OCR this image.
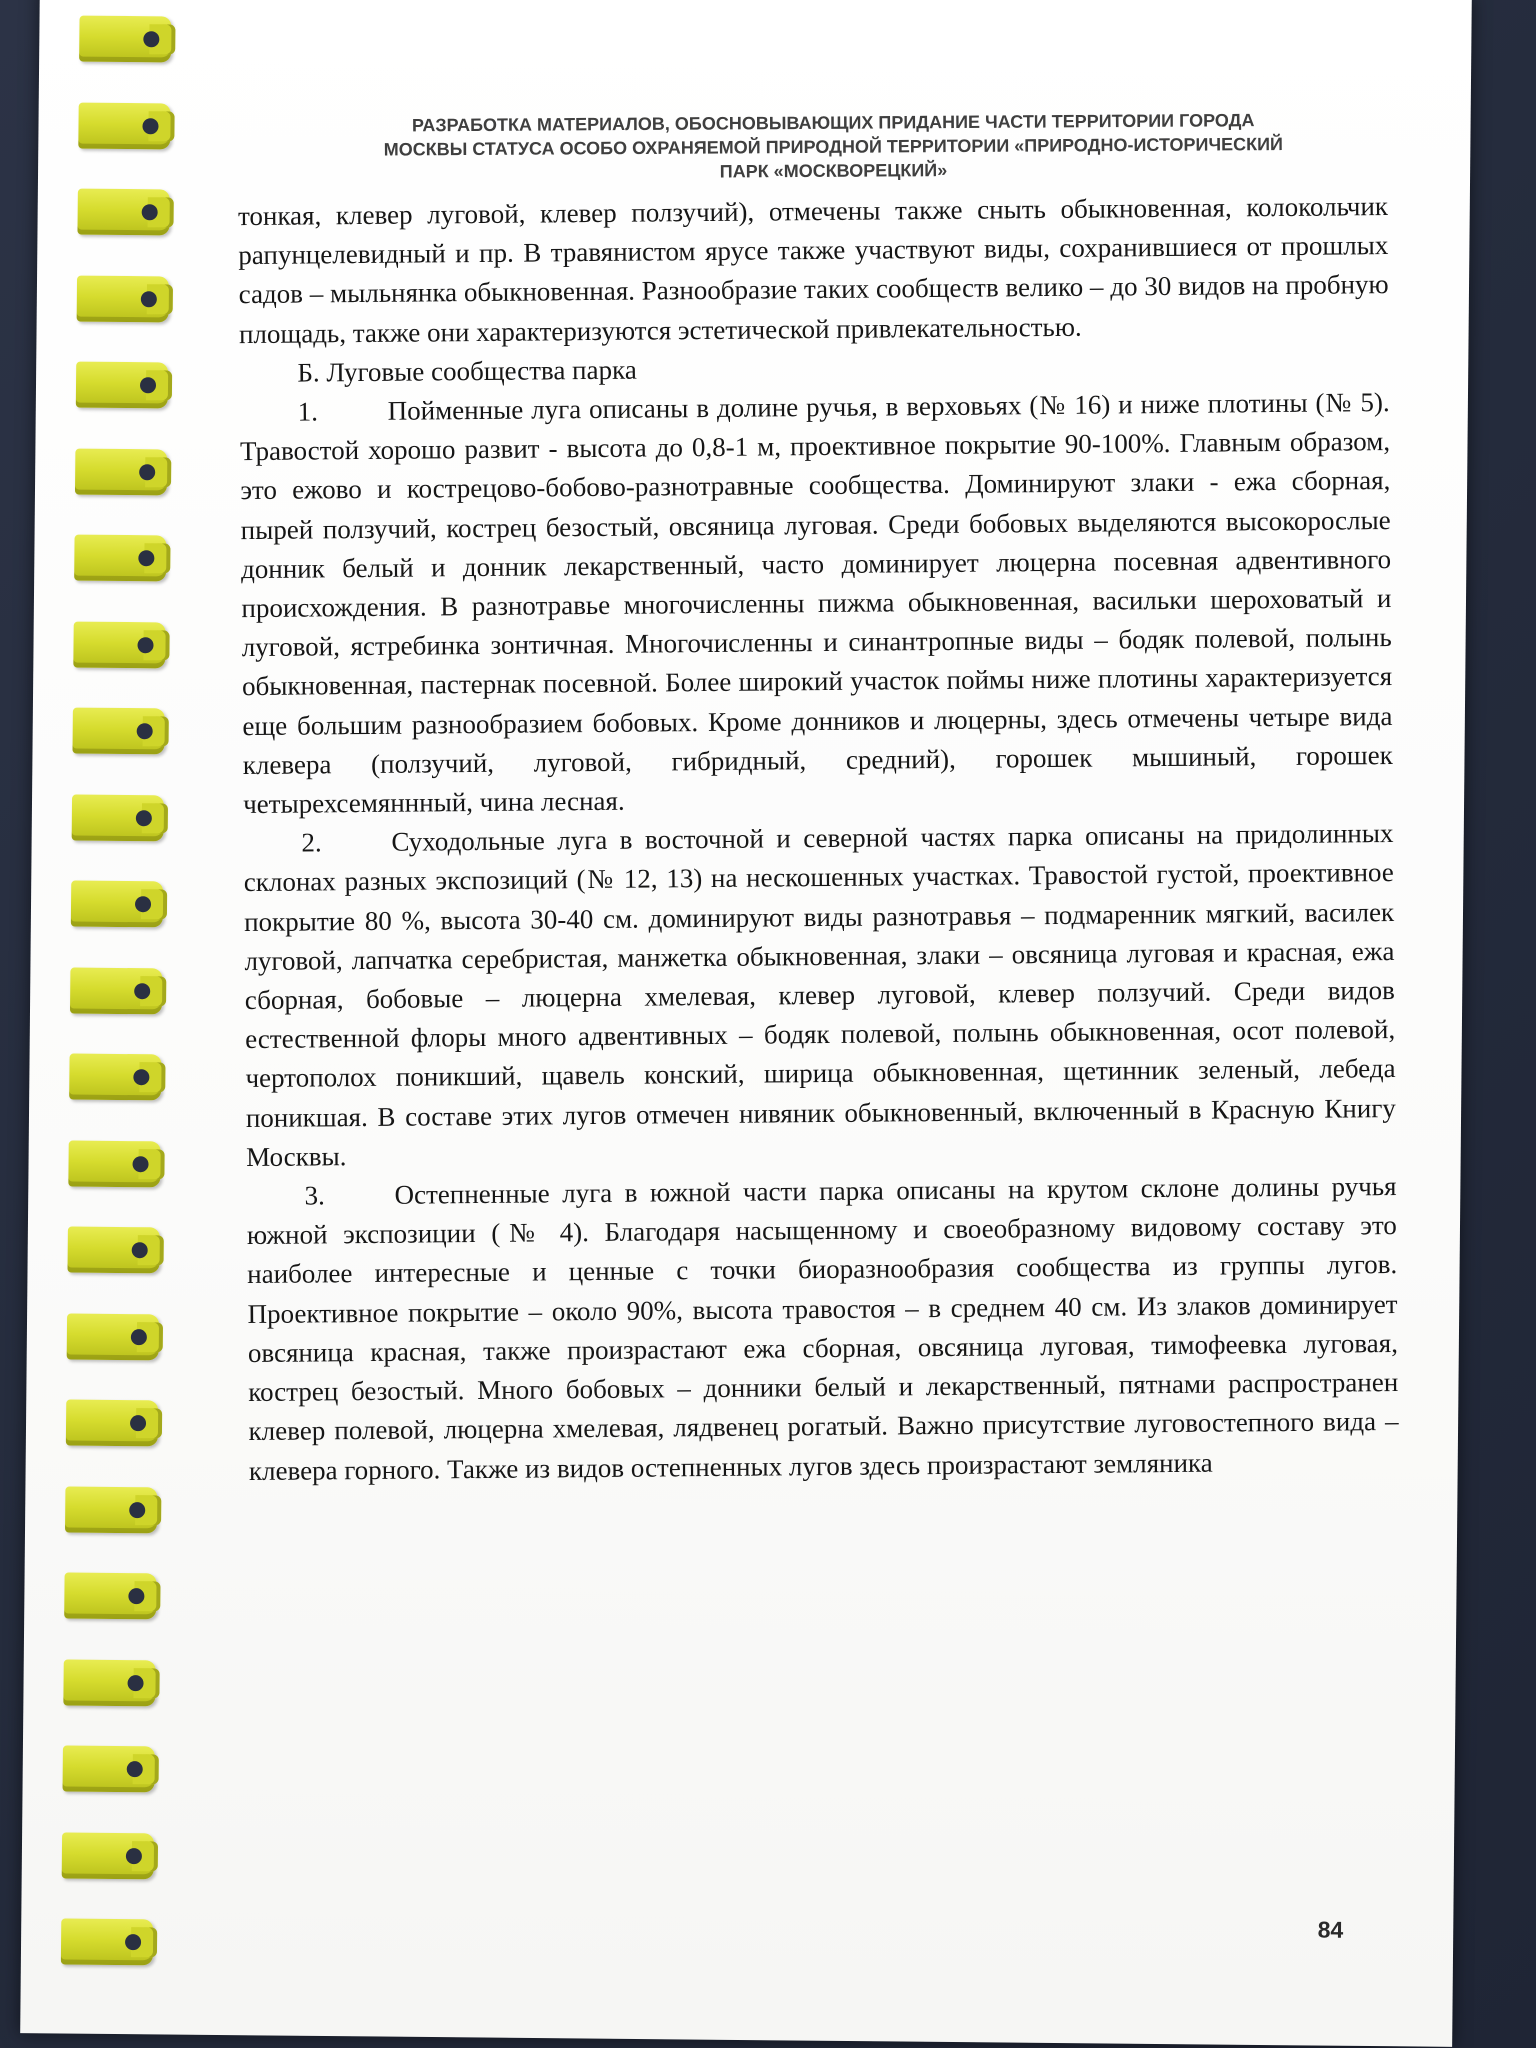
РАЗРАБОТКА МАТЕРИАЛОВ, ОБОСНОВЫВАЮЩИХ ПРИДАНИЕ ЧАСТИ ТЕРРИТОРИИ ГОРОДА
МОСКВЫ СТАТУСА ОСОБО ОХРАНЯЕМОЙ ПРИРОДНОЙ ТЕРРИТОРИИ «ПРИРОДНО-ИСТОРИЧЕСКИЙ
ПАРК «МОСКВОРЕЦКИЙ»

тонкая, клевер луговой, клевер ползучий), отмечены также сныть обыкновенная, колокольчик рапунцелевидный и пр. В травянистом ярусе также участвуют виды, сохранившиеся от прошлых садов – мыльнянка обыкновенная. Разнообразие таких сообществ велико – до 30 видов на пробную площадь, также они характеризуются эстетической привлекательностью.

Б. Луговые сообщества парка

1.	Пойменные луга описаны в долине ручья, в верховьях (№ 16) и ниже плотины (№ 5). Травостой хорошо развит - высота до 0,8-1 м, проективное покрытие 90-100%. Главным образом, это ежово и кострецово-бобово-разнотравные сообщества. Доминируют злаки - ежа сборная, пырей ползучий, кострец безостый, овсяница луговая. Среди бобовых выделяются высокорослые донник белый и донник лекарственный, часто доминирует люцерна посевная адвентивного происхождения. В разнотравье многочисленны пижма обыкновенная, васильки шероховатый и луговой, ястребинка зонтичная. Многочисленны и синантропные виды – бодяк полевой, полынь обыкновенная, пастернак посевной. Более широкий участок поймы ниже плотины характеризуется еще большим разнообразием бобовых. Кроме донников и люцерны, здесь отмечены четыре вида клевера (ползучий, луговой, гибридный, средний), горошек мышиный, горошек четырехсемяннный, чина лесная.

2.	Суходольные луга в восточной и северной частях парка описаны на придолинных склонах разных экспозиций (№ 12, 13) на нескошенных участках. Травостой густой, проективное покрытие 80 %, высота 30-40 см. доминируют виды разнотравья – подмаренник мягкий, василек луговой, лапчатка серебристая, манжетка обыкновенная, злаки – овсяница луговая и красная, ежа сборная, бобовые – люцерна хмелевая, клевер луговой, клевер ползучий. Среди видов естественной флоры много адвентивных – бодяк полевой, полынь обыкновенная, осот полевой, чертополох поникший, щавель конский, ширица обыкновенная, щетинник зеленый, лебеда поникшая. В составе этих лугов отмечен нивяник обыкновенный, включенный в Красную Книгу Москвы.

3.	Остепненные луга в южной части парка описаны на крутом склоне долины ручья южной экспозиции (№ 4). Благодаря насыщенному и своеобразному видовому составу это наиболее интересные и ценные с точки биоразнообразия сообщества из группы лугов. Проективное покрытие – около 90%, высота травостоя – в среднем 40 см. Из злаков доминирует овсяница красная, также произрастают ежа сборная, овсяница луговая, тимофеевка луговая, кострец безостый. Много бобовых – донники белый и лекарственный, пятнами распространен клевер полевой, люцерна хмелевая, лядвенец рогатый. Важно присутствие луговостепного вида – клевера горного. Также из видов остепненных лугов здесь произрастают земляника

84
